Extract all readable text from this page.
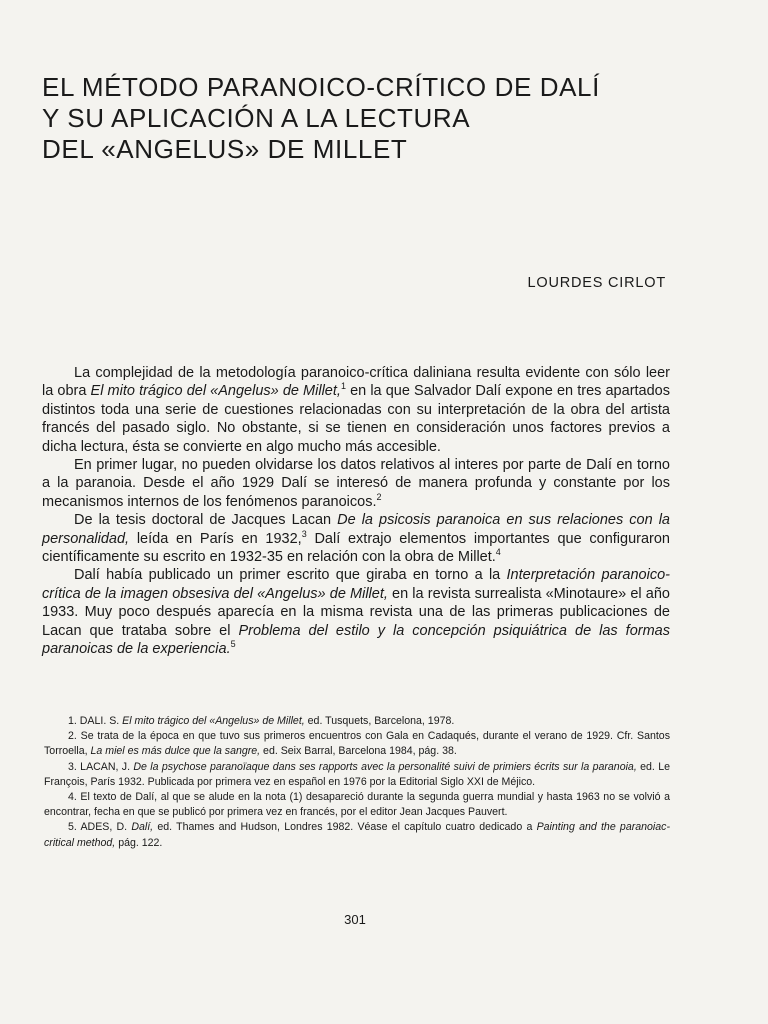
EL MÉTODO PARANOICO-CRÍTICO DE DALÍ
Y SU APLICACIÓN A LA LECTURA
DEL «ANGELUS» DE MILLET

LOURDES CIRLOT

La complejidad de la metodología paranoico-crítica daliniana resulta evidente con sólo leer la obra El mito trágico del «Angelus» de Millet,$^1$ en la que Salvador Dalí expone en tres apartados distintos toda una serie de cuestiones relacionadas con su interpretación de la obra del artista francés del pasado siglo. No obstante, si se tienen en consideración unos factores previos a dicha lectura, ésta se convierte en algo mucho más accesible.

En primer lugar, no pueden olvidarse los datos relativos al interes por parte de Dalí en torno a la paranoia. Desde el año 1929 Dalí se interesó de manera profunda y constante por los mecanismos internos de los fenómenos paranoicos.$^2$

De la tesis doctoral de Jacques Lacan De la psicosis paranoica en sus relaciones con la personalidad, leída en París en 1932,$^3$ Dalí extrajo elementos importantes que configuraron científicamente su escrito en 1932-35 en relación con la obra de Millet.$^4$

Dalí había publicado un primer escrito que giraba en torno a la Interpretación paranoico-crítica de la imagen obsesiva del «Angelus» de Millet, en la revista surrealista «Minotaure» el año 1933. Muy poco después aparecía en la misma revista una de las primeras publicaciones de Lacan que trataba sobre el Problema del estilo y la concepción psiquiátrica de las formas paranoicas de la experiencia.$^5$

1. DALI. S. El mito trágico del «Angelus» de Millet, ed. Tusquets, Barcelona, 1978.

2. Se trata de la época en que tuvo sus primeros encuentros con Gala en Cadaqués, durante el verano de 1929. Cfr. Santos Torroella, La miel es más dulce que la sangre, ed. Seix Barral, Barcelona 1984, pág. 38.

3. LACAN, J. De la psychose paranoïaque dans ses rapports avec la personalité suivi de primiers écrits sur la paranoia, ed. Le François, París 1932. Publicada por primera vez en español en 1976 por la Editorial Siglo XXI de Méjico.

4. El texto de Dalí, al que se alude en la nota (1) desapareció durante la segunda guerra mundial y hasta 1963 no se volvió a encontrar, fecha en que se publicó por primera vez en francés, por el editor Jean Jacques Pauvert.

5. ADES, D. Dalí, ed. Thames and Hudson, Londres 1982. Véase el capítulo cuatro dedicado a Painting and the paranoiac-critical method, pág. 122.

301
